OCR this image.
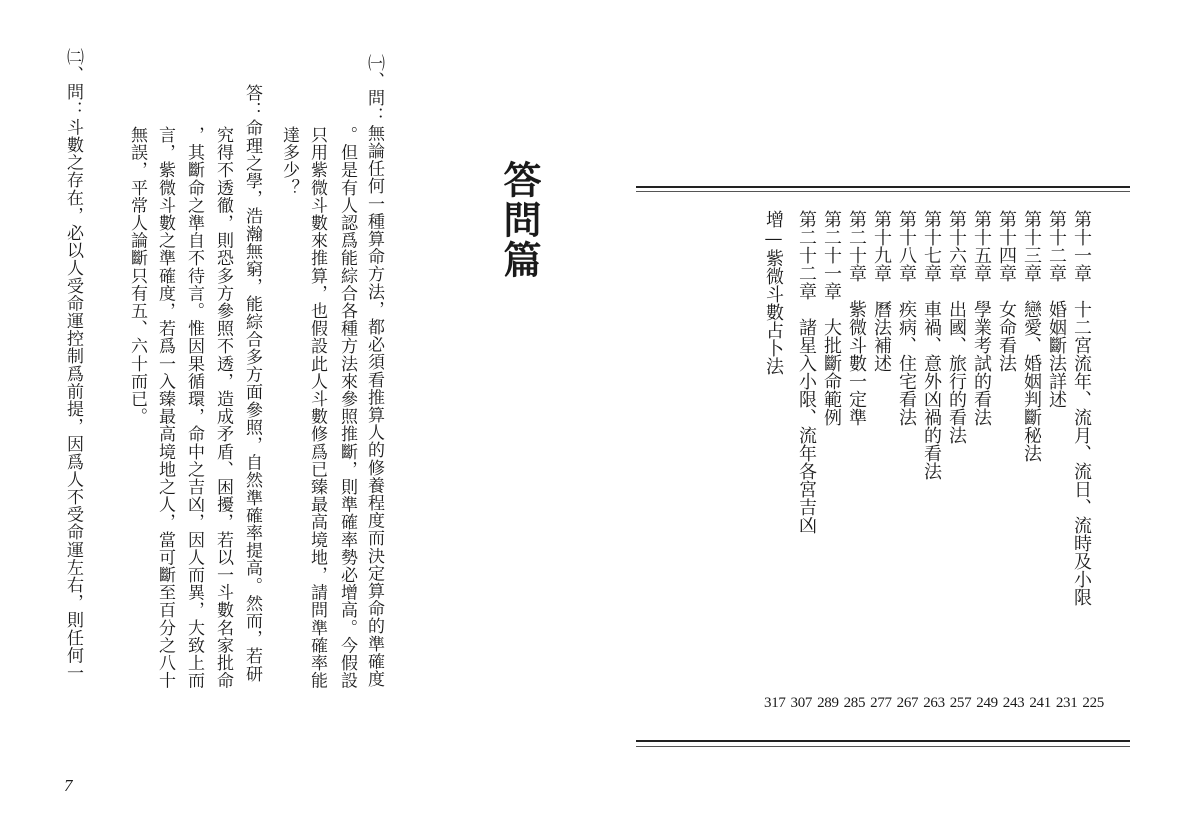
㈠、問：無論任何一種算命方法，都必須看推算人的修養程度而決定算命的準確度
。但是有人認爲能綜合各種方法來參照推斷，則準確率勢必增高。今假設
只用紫微斗數來推算，也假設此人斗數修爲已臻最高境地，請問準確率能
達多少？
答：命理之學，浩瀚無窮，能綜合多方面參照，自然準確率提高。然而，若研
究得不透徹，則恐多方參照不透，造成矛盾、困擾，若以一斗數名家批命
，其斷命之準自不待言。惟因果循環，命中之吉凶，因人而異，大致上而
言，紫微斗數之準確度，若爲一入臻最高境地之人，當可斷至百分之八十
無誤，平常人論斷只有五、六十而已。
㈡、問：斗數之存在，必以人受命運控制爲前提，因爲人不受命運左右，則任何一	答問篇
7
第十一章十二宮流年、流月、流日、流時及小限
第十二章婚姻斷法詳述
第十三章戀愛、婚姻判斷秘法
第十四章女命看法
第十五章學業考試的看法
第十六章出國、旅行的看法
第十七章車禍、意外凶禍的看法
第十八章疾病、住宅看法
第十九章曆法補述
第二十章紫微斗數一定準
第二十一章大批斷命範例
第二十二章諸星入小限、流年各宮吉凶
增—紫微斗數占卜法
317 307 289 285 277 267 263 257 249 243 241 231 225
